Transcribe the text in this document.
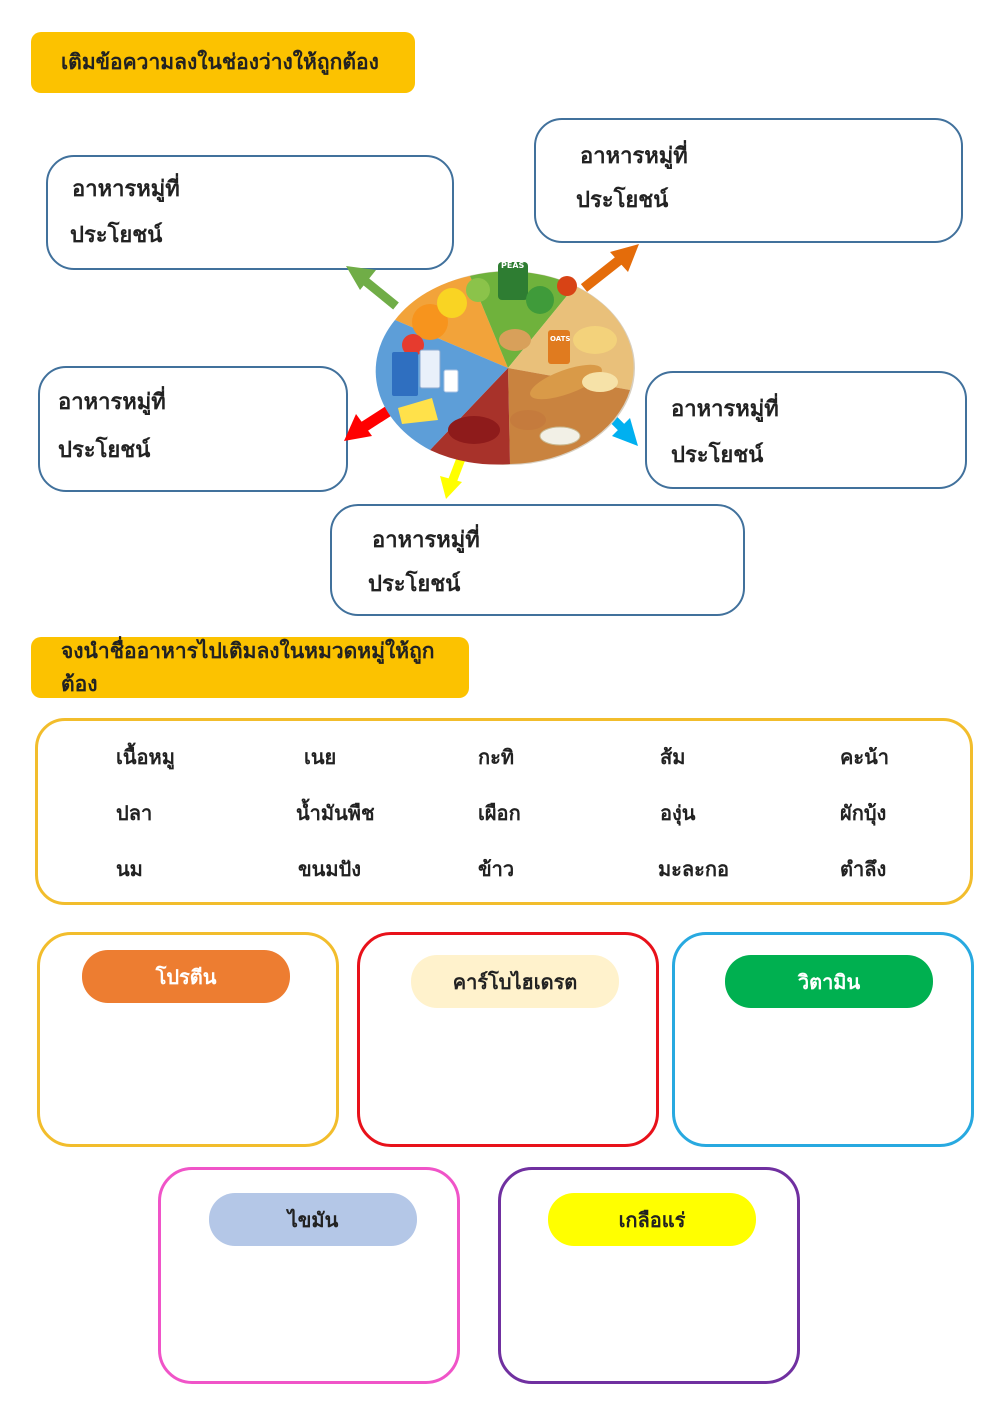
เติมข้อความลงในช่องว่างให้ถูกต้อง
อาหารหมู่ที่
ประโยชน์
อาหารหมู่ที่
ประโยชน์
อาหารหมู่ที่
ประโยชน์
อาหารหมู่ที่
ประโยชน์
อาหารหมู่ที่
ประโยชน์
PEAS
OATS
จงนำชื่ออาหารไปเติมลงในหมวดหมู่ให้ถูกต้อง
เนื้อหมู	เนย	กะทิ	ส้ม	คะน้า
ปลา	น้ำมันพืช	เผือก	องุ่น	ผักบุ้ง
นม	ขนมปัง	ข้าว	มะละกอ	ตำลึง
โปรตีน	คาร์โบไฮเดรต	วิตามิน
ไขมัน	เกลือแร่
